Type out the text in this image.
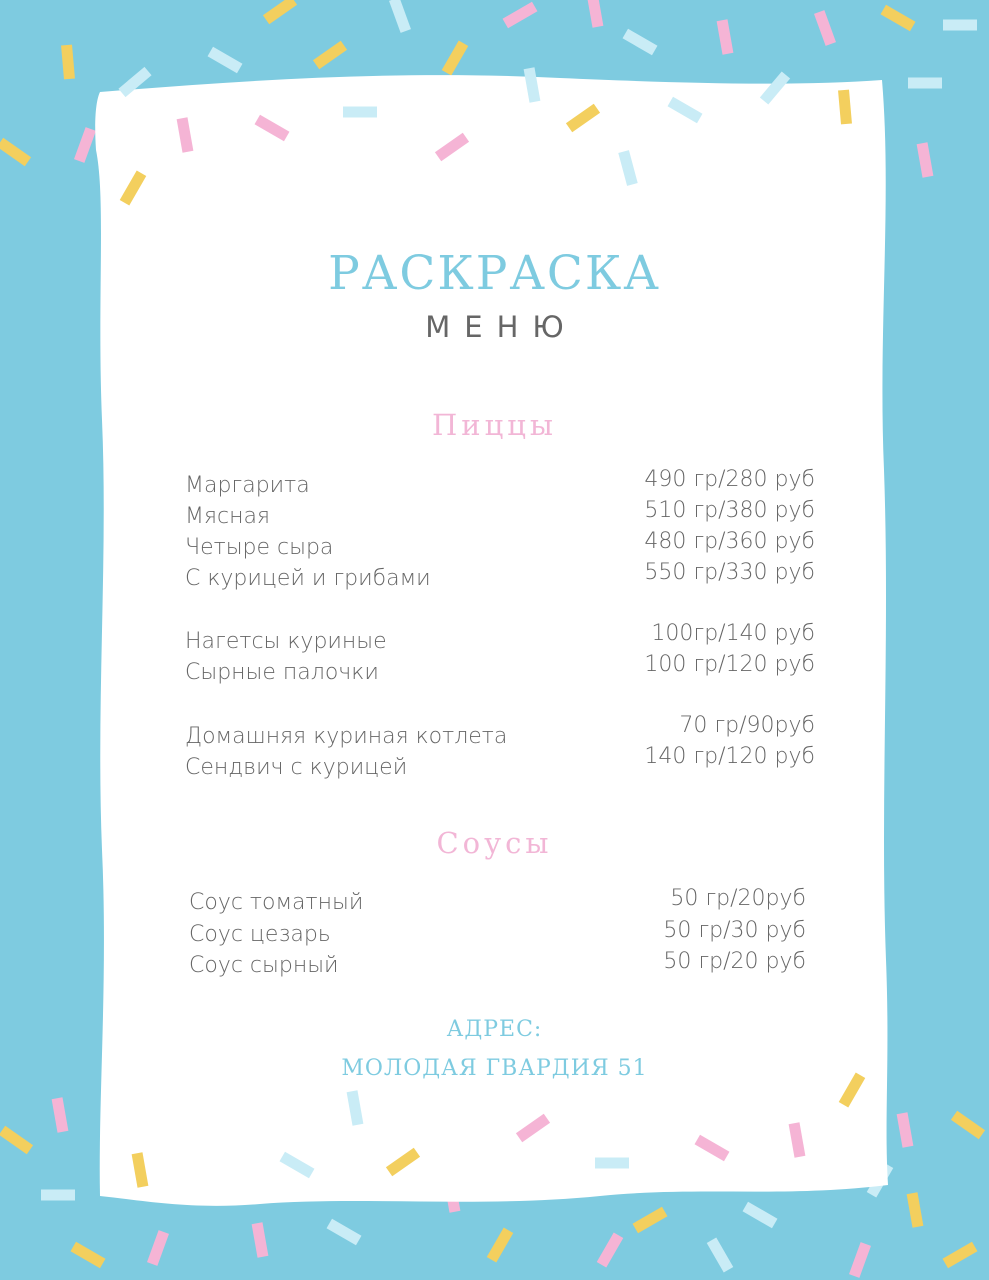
РАСКРАСКА
МЕНЮ
Пиццы
Маргарита	490 гр/280 руб
Мясная	510 гр/380 руб
Четыре сыра	480 гр/360 руб
С курицей и грибами	550 гр/330 руб
Нагетсы куриные	100гр/140 руб
Сырные палочки	100 гр/120 руб
Домашняя куриная котлета	70 гр/90руб
Сендвич с курицей	140 гр/120 руб
Соусы
Соус томатный	50 гр/20руб
Соус цезарь	50 гр/30 руб
Соус сырный	50 гр/20 руб
АДРЕС:
МОЛОДАЯ ГВАРДИЯ 51
